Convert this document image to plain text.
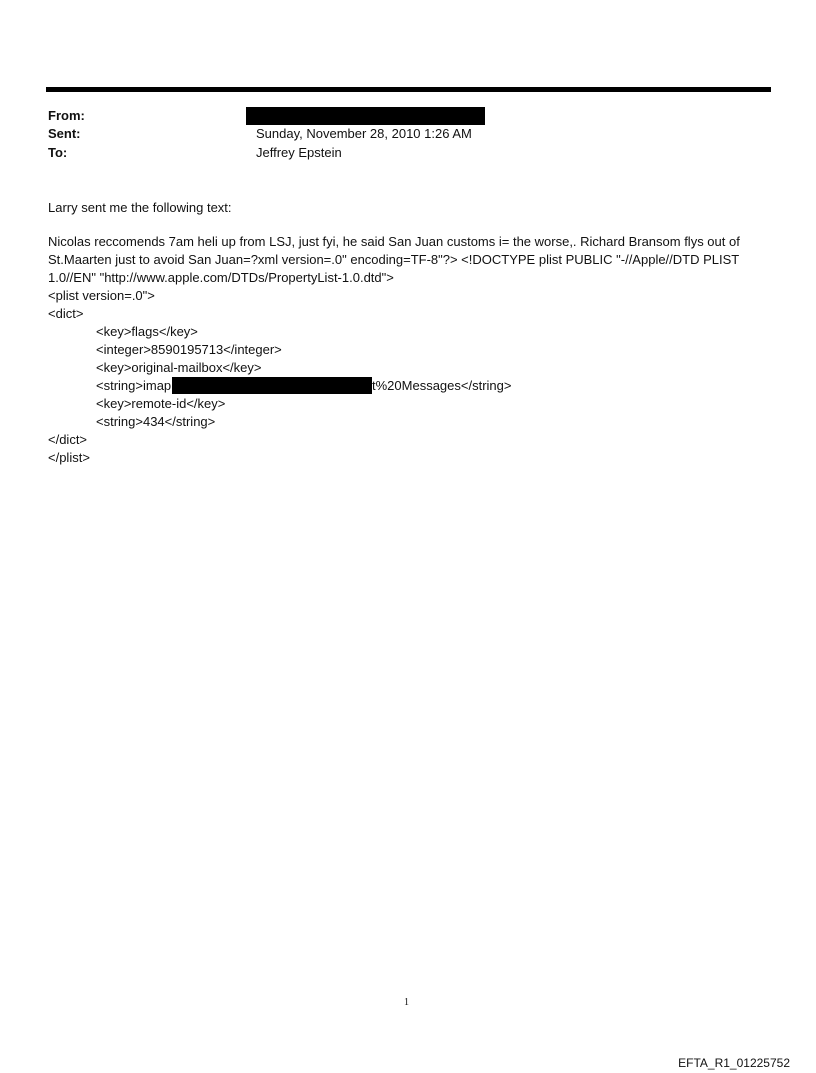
From:
Sent:	Sunday, November 28, 2010 1:26 AM
To:	Jeffrey Epstein
Larry sent me the following text:
Nicolas reccomends 7am heli up from LSJ, just fyi, he said San Juan customs i= the worse,. Richard Bransom flys out of
St.Maarten just to avoid San Juan=?xml version=.0" encoding=TF-8"?> <!DOCTYPE plist PUBLIC "-//Apple//DTD PLIST
1.0//EN" "http://www.apple.com/DTDs/PropertyList-1.0.dtd">
<plist version=.0">
<dict>
<key>flags</key>
<integer>8590195713</integer>
<key>original-mailbox</key>
<string>imap	t%20Messages</string>
<key>remote-id</key>
<string>434</string>
</dict>
</plist>
1
EFTA_R1_01225752
